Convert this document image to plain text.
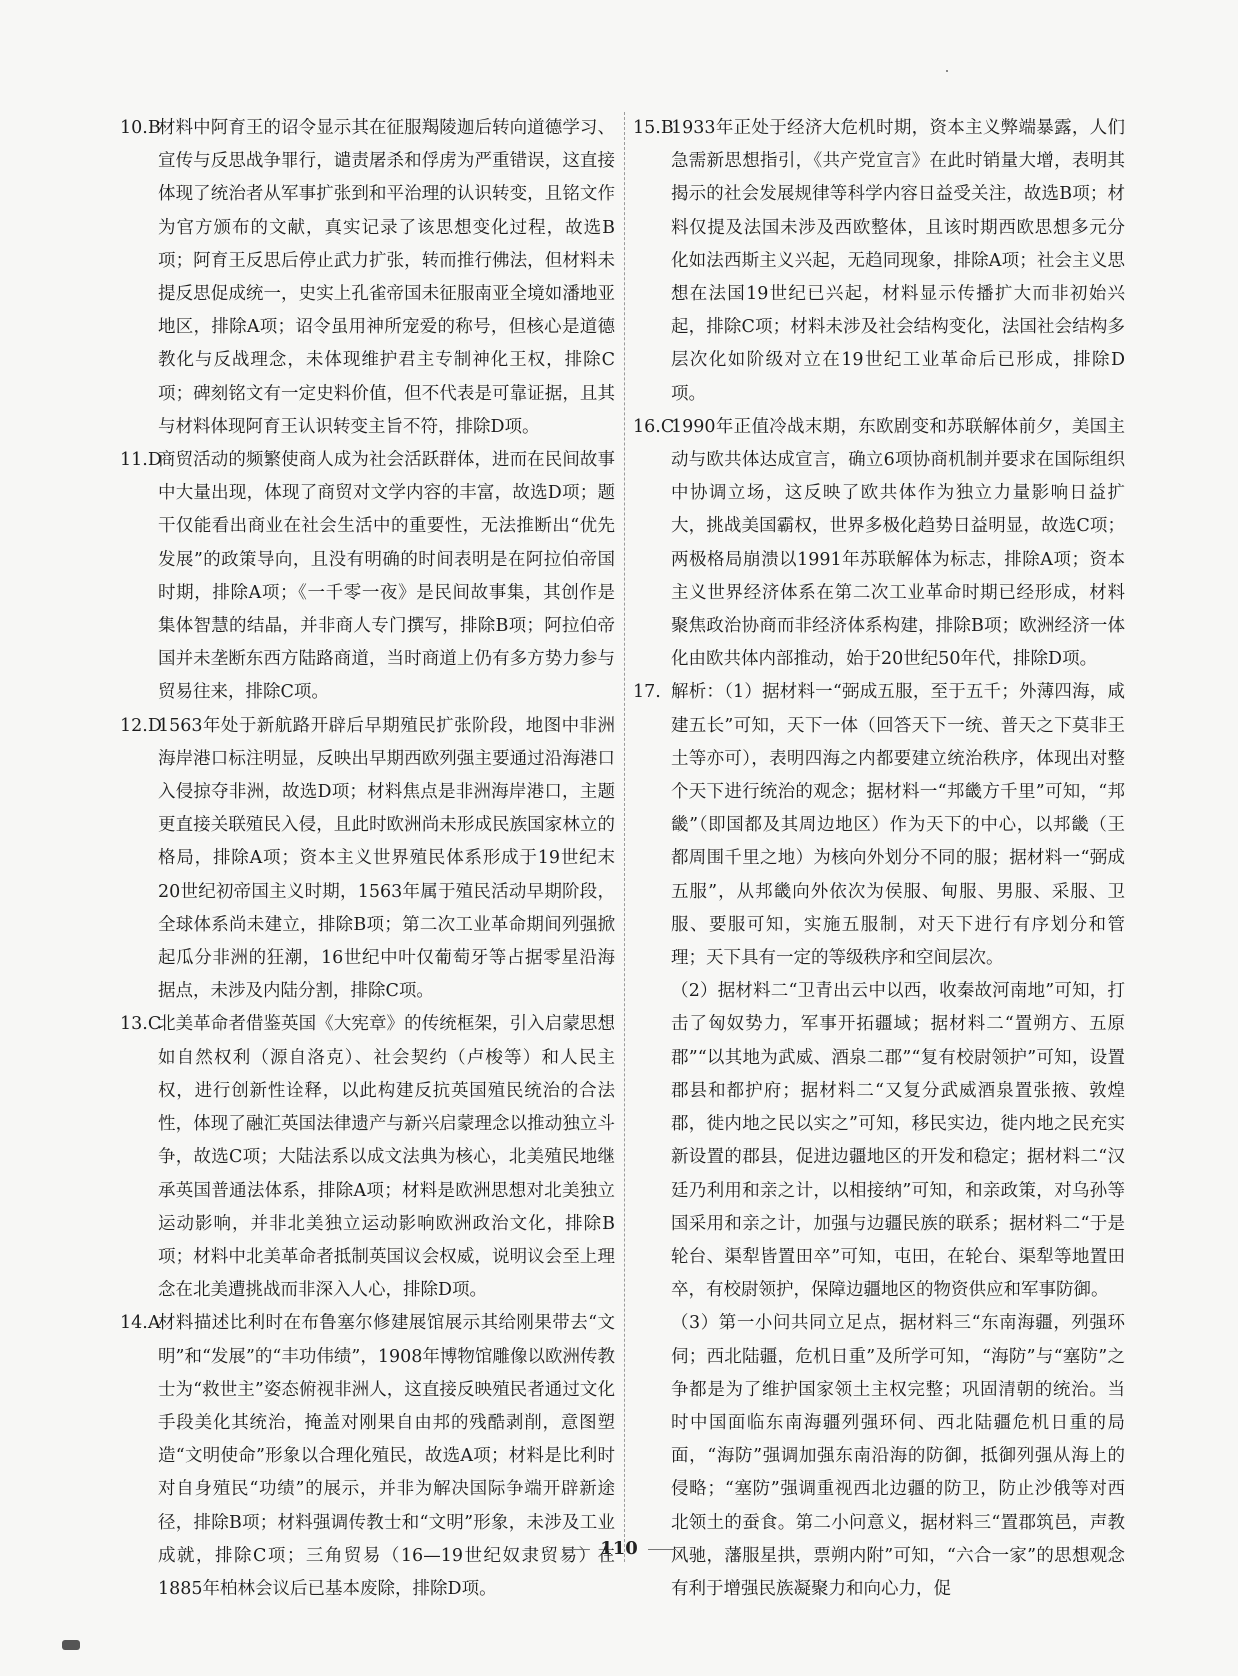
10.B
材料中阿育王的诏令显示其在征服羯陵迦后转向道德学习、宣传与反思战争罪行，谴责屠杀和俘虏为严重错误，这直接体现了统治者从军事扩张到和平治理的认识转变，且铭文作为官方颁布的文献，真实记录了该思想变化过程，故选B项；阿育王反思后停止武力扩张，转而推行佛法，但材料未提反思促成统一，史实上孔雀帝国未征服南亚全境如潘地亚地区，排除A项；诏令虽用神所宠爱的称号，但核心是道德教化与反战理念，未体现维护君主专制神化王权，排除C项；碑刻铭文有一定史料价值，但不代表是可靠证据，且其与材料体现阿育王认识转变主旨不符，排除D项。
11.D
商贸活动的频繁使商人成为社会活跃群体，进而在民间故事中大量出现，体现了商贸对文学内容的丰富，故选D项；题干仅能看出商业在社会生活中的重要性，无法推断出“优先发展”的政策导向，且没有明确的时间表明是在阿拉伯帝国时期，排除A项；《一千零一夜》是民间故事集，其创作是集体智慧的结晶，并非商人专门撰写，排除B项；阿拉伯帝国并未垄断东西方陆路商道，当时商道上仍有多方势力参与贸易往来，排除C项。
12.D
1563年处于新航路开辟后早期殖民扩张阶段，地图中非洲海岸港口标注明显，反映出早期西欧列强主要通过沿海港口入侵掠夺非洲，故选D项；材料焦点是非洲海岸港口，主题更直接关联殖民入侵，且此时欧洲尚未形成民族国家林立的格局，排除A项；资本主义世界殖民体系形成于19世纪末20世纪初帝国主义时期，1563年属于殖民活动早期阶段，全球体系尚未建立，排除B项；第二次工业革命期间列强掀起瓜分非洲的狂潮，16世纪中叶仅葡萄牙等占据零星沿海据点，未涉及内陆分割，排除C项。
13.C
北美革命者借鉴英国《大宪章》的传统框架，引入启蒙思想如自然权利（源自洛克）、社会契约（卢梭等）和人民主权，进行创新性诠释，以此构建反抗英国殖民统治的合法性，体现了融汇英国法律遗产与新兴启蒙理念以推动独立斗争，故选C项；大陆法系以成文法典为核心，北美殖民地继承英国普通法体系，排除A项；材料是欧洲思想对北美独立运动影响，并非北美独立运动影响欧洲政治文化，排除B项；材料中北美革命者抵制英国议会权威，说明议会至上理念在北美遭挑战而非深入人心，排除D项。
14.A
材料描述比利时在布鲁塞尔修建展馆展示其给刚果带去“文明”和“发展”的“丰功伟绩”，1908年博物馆雕像以欧洲传教士为“救世主”姿态俯视非洲人，这直接反映殖民者通过文化手段美化其统治，掩盖对刚果自由邦的残酷剥削，意图塑造“文明使命”形象以合理化殖民，故选A项；材料是比利时对自身殖民“功绩”的展示，并非为解决国际争端开辟新途径，排除B项；材料强调传教士和“文明”形象，未涉及工业成就，排除C项；三角贸易（16—19世纪奴隶贸易）在1885年柏林会议后已基本废除，排除D项。
15.B
1933年正处于经济大危机时期，资本主义弊端暴露，人们急需新思想指引，《共产党宣言》在此时销量大增，表明其揭示的社会发展规律等科学内容日益受关注，故选B项；材料仅提及法国未涉及西欧整体，且该时期西欧思想多元分化如法西斯主义兴起，无趋同现象，排除A项；社会主义思想在法国19世纪已兴起，材料显示传播扩大而非初始兴起，排除C项；材料未涉及社会结构变化，法国社会结构多层次化如阶级对立在19世纪工业革命后已形成，排除D项。
16.C
1990年正值冷战末期，东欧剧变和苏联解体前夕，美国主动与欧共体达成宣言，确立6项协商机制并要求在国际组织中协调立场，这反映了欧共体作为独立力量影响日益扩大，挑战美国霸权，世界多极化趋势日益明显，故选C项；两极格局崩溃以1991年苏联解体为标志，排除A项；资本主义世界经济体系在第二次工业革命时期已经形成，材料聚焦政治协商而非经济体系构建，排除B项；欧洲经济一体化由欧共体内部推动，始于20世纪50年代，排除D项。
17. 解析：（1）据材料一“弼成五服，至于五千；外薄四海，咸建五长”可知，天下一体（回答天下一统、普天之下莫非王土等亦可），表明四海之内都要建立统治秩序，体现出对整个天下进行统治的观念；据材料一“邦畿方千里”可知，“邦畿”（即国都及其周边地区）作为天下的中心，以邦畿（王都周围千里之地）为核向外划分不同的服；据材料一“弼成五服”，从邦畿向外依次为侯服、甸服、男服、采服、卫服、要服可知，实施五服制，对天下进行有序划分和管理；天下具有一定的等级秩序和空间层次。

（2）据材料二“卫青出云中以西，收秦故河南地”可知，打击了匈奴势力，军事开拓疆域；据材料二“置朔方、五原郡”“以其地为武威、酒泉二郡”“复有校尉领护”可知，设置郡县和都护府；据材料二“又复分武威酒泉置张掖、敦煌郡，徙内地之民以实之”可知，移民实边，徙内地之民充实新设置的郡县，促进边疆地区的开发和稳定；据材料二“汉廷乃利用和亲之计，以相接纳”可知，和亲政策，对乌孙等国采用和亲之计，加强与边疆民族的联系；据材料二“于是轮台、渠犁皆置田卒”可知，屯田，在轮台、渠犁等地置田卒，有校尉领护，保障边疆地区的物资供应和军事防御。

（3）第一小问共同立足点，据材料三“东南海疆，列强环伺；西北陆疆，危机日重”及所学可知，“海防”与“塞防”之争都是为了维护国家领土主权完整；巩固清朝的统治。当时中国面临东南海疆列强环伺、西北陆疆危机日重的局面，“海防”强调加强东南沿海的防御，抵御列强从海上的侵略；“塞防”强调重视西北边疆的防卫，防止沙俄等对西北领土的蚕食。第二小问意义，据材料三“置郡筑邑，声教风驰，藩服星拱，票朔内附”可知，“六合一家”的思想观念有利于增强民族凝聚力和向心力，促

110
